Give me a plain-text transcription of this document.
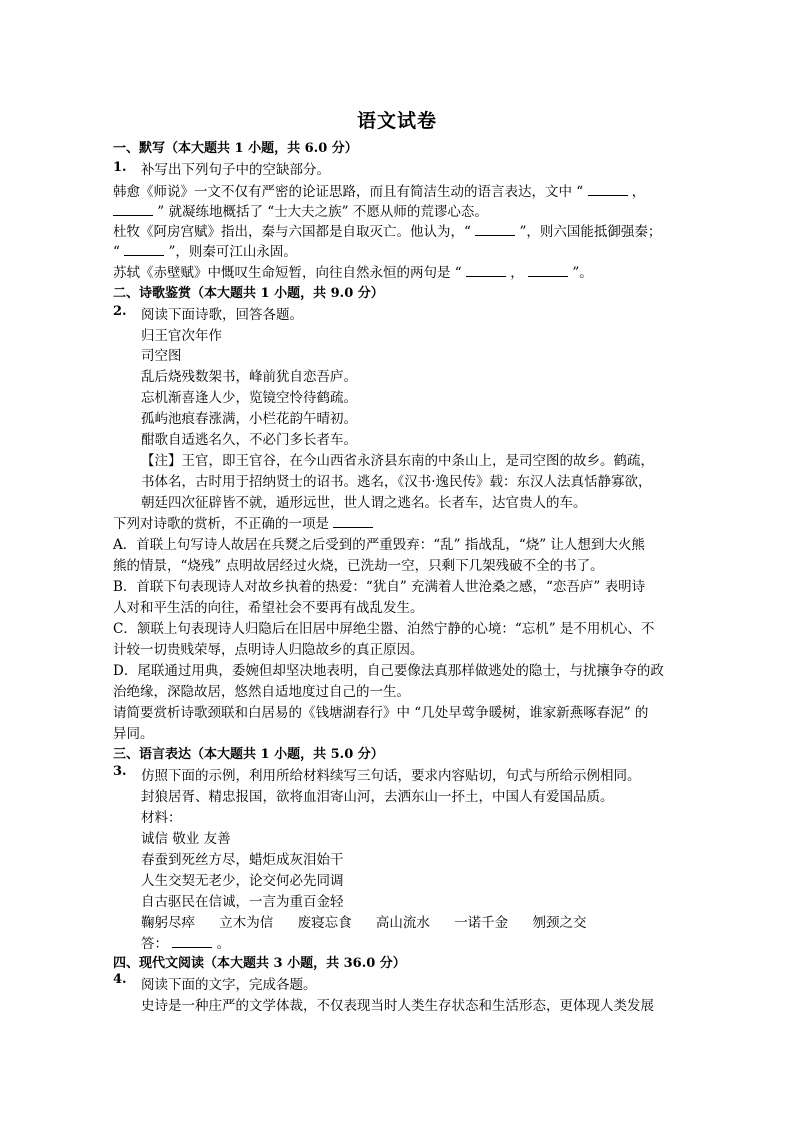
语文试卷
一、默写（本大题共 1 小题，共 6.0 分）
1. 补写出下列句子中的空缺部分。
韩愈《师说》一文不仅有严密的论证思路，而且有简洁生动的语言表达，文中 “	，
” 就凝练地概括了 “士大夫之族” 不愿从师的荒谬心态。
杜牧《阿房宫赋》指出，秦与六国都是自取灭亡。他认为，“	”，则六国能抵御强秦；
“	”，则秦可江山永固。
苏轼《赤壁赋》中慨叹生命短暂，向往自然永恒的两句是 “	，	”。
二、诗歌鉴赏（本大题共 1 小题，共 9.0 分）
2. 阅读下面诗歌，回答各题。
归王官次年作
司空图
乱后烧残数架书，峰前犹自恋吾庐。
忘机渐喜逢人少，览镜空怜待鹤疏。
孤屿池痕春涨满，小栏花韵午晴初。
酣歌自适逃名久，不必门多长者车。
【注】王官，即王官谷，在今山西省永济县东南的中条山上，是司空图的故乡。鹤疏，
书体名，古时用于招纳贤士的诏书。逃名，《汉书·逸民传》载：东汉人法真恬静寡欲，
朝廷四次征辟皆不就，遁形远世，世人谓之逃名。长者车，达官贵人的车。
下列对诗歌的赏析，不正确的一项是
A．首联上句写诗人故居在兵燹之后受到的严重毁弃：“乱” 指战乱，“烧” 让人想到大火熊
熊的情景，“烧残” 点明故居经过火烧，已洗劫一空，只剩下几架残破不全的书了。
B．首联下句表现诗人对故乡执着的热爱：“犹自” 充满着人世沧桑之感，“恋吾庐” 表明诗
人对和平生活的向往，希望社会不要再有战乱发生。
C．颔联上句表现诗人归隐后在旧居中屏绝尘嚣、泊然宁静的心境：“忘机” 是不用机心、不
计较一切贵贱荣辱，点明诗人归隐故乡的真正原因。
D．尾联通过用典，委婉但却坚决地表明，自己要像法真那样做逃处的隐士，与扰攘争夺的政
治绝缘，深隐故居，悠然自适地度过自己的一生。
请简要赏析诗歌颈联和白居易的《钱塘湖春行》中 “几处早莺争暖树，谁家新燕啄春泥” 的
异同。
三、语言表达（本大题共 1 小题，共 5.0 分）
3. 仿照下面的示例，利用所给材料续写三句话，要求内容贴切，句式与所给示例相同。
封狼居胥、精忠报国，欲将血泪寄山河，去洒东山一抔土，中国人有爱国品质。
材料：
诚信 敬业 友善
春蚕到死丝方尽，蜡炬成灰泪始干
人生交契无老少，论交何必先同调
自古驱民在信诚，一言为重百金轻
鞠躬尽瘁 立木为信 废寝忘食 高山流水 一诺千金 刎颈之交
答：	。
四、现代文阅读（本大题共 3 小题，共 36.0 分）
4. 阅读下面的文字，完成各题。
史诗是一种庄严的文学体裁，不仅表现当时人类生存状态和生活形态，更体现人类发展
